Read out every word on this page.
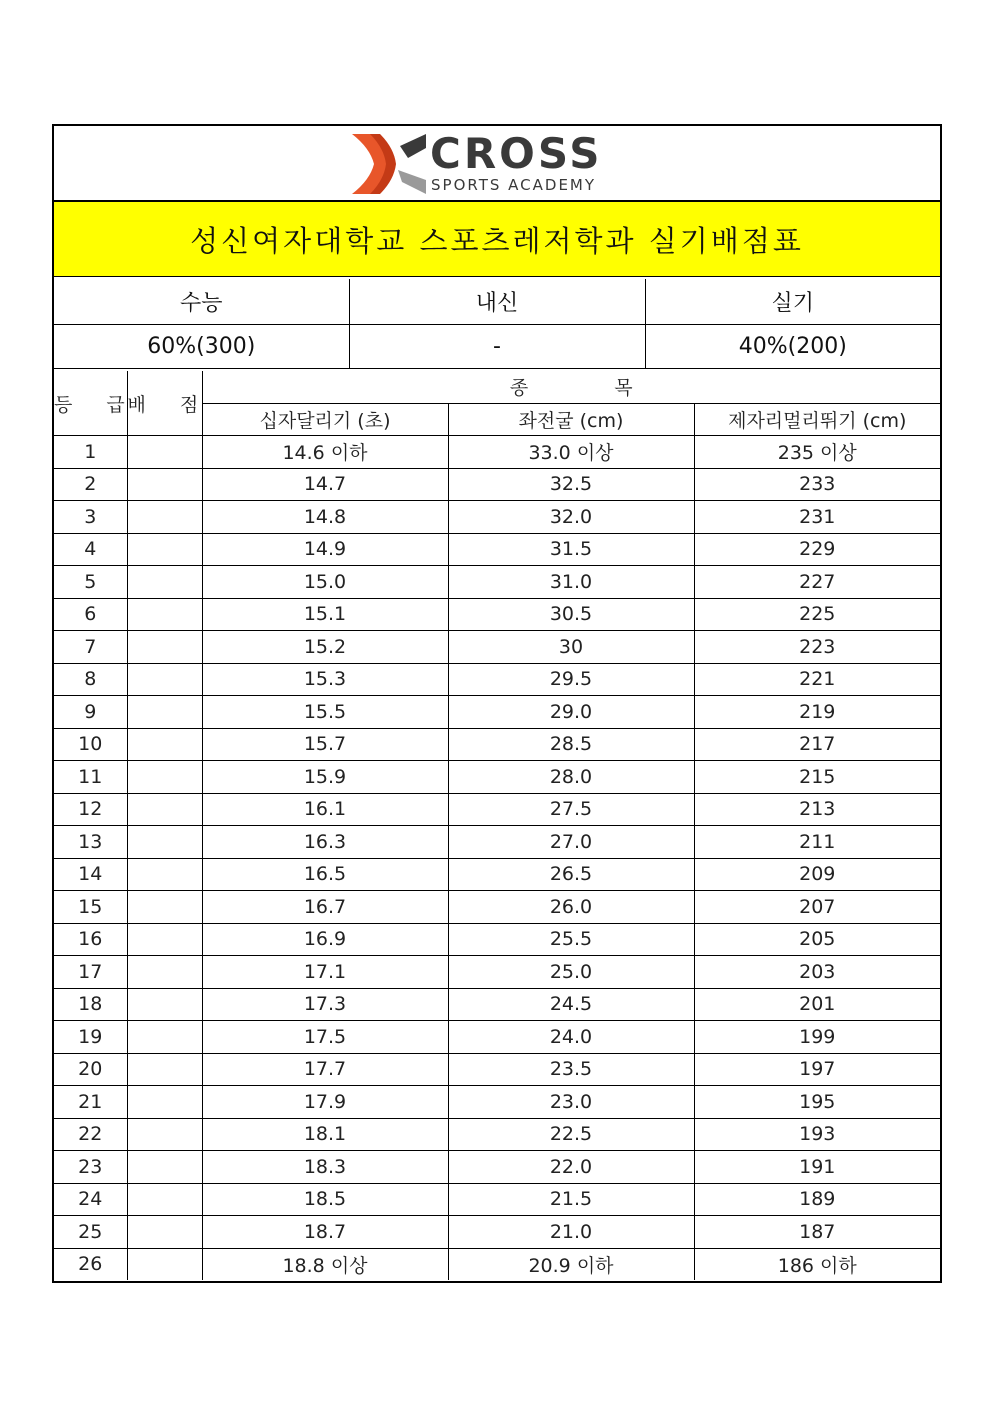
CROSS
SPORTS ACADEMY
성신여자대학교 스포츠레저학과 실기배점표
수능	내신	실기
60%(300)	-	40%(200)
등 급	배 점	종 목		
		십자달리기 (초)	좌전굴 (cm)	제자리멀리뛰기 (cm)
1		14.6 이하	33.0 이상	235 이상
2		14.7	32.5	233
3		14.8	32.0	231
4		14.9	31.5	229
5		15.0	31.0	227
6		15.1	30.5	225
7		15.2	30	223
8		15.3	29.5	221
9		15.5	29.0	219
10		15.7	28.5	217
11		15.9	28.0	215
12		16.1	27.5	213
13		16.3	27.0	211
14		16.5	26.5	209
15		16.7	26.0	207
16		16.9	25.5	205
17		17.1	25.0	203
18		17.3	24.5	201
19		17.5	24.0	199
20		17.7	23.5	197
21		17.9	23.0	195
22		18.1	22.5	193
23		18.3	22.0	191
24		18.5	21.5	189
25		18.7	21.0	187
26		18.8 이상	20.9 이하	186 이하
